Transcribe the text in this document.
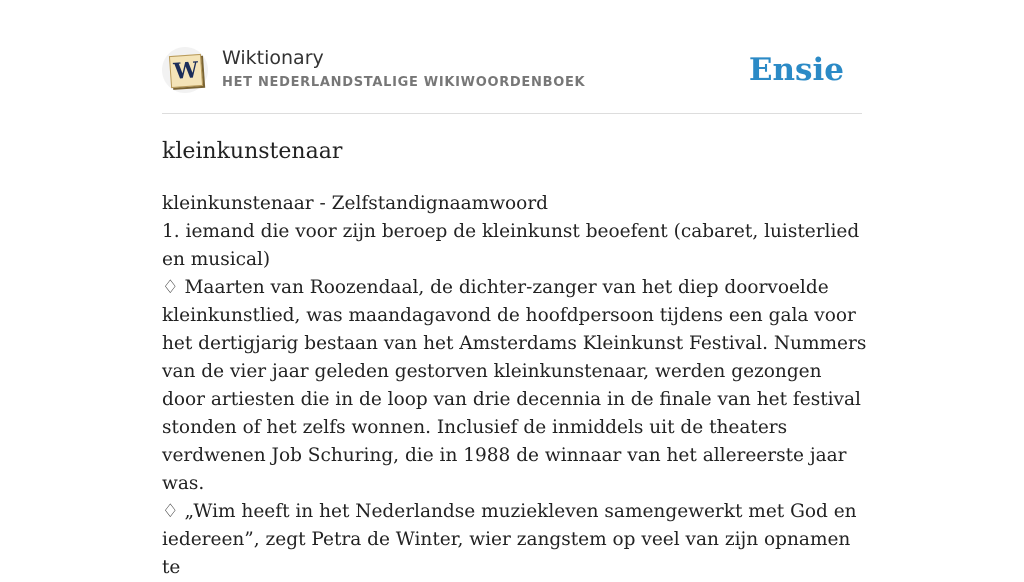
W Wiktionary
HET NEDERLANDSTALIGE WIKIWOORDENBOEK	Ensie
kleinkunstenaar

kleinkunstenaar - Zelfstandignaamwoord

1. iemand die voor zijn beroep de kleinkunst beoefent (cabaret, luisterlied en musical)

♢ Maarten van Roozendaal, de dichter-zanger van het diep doorvoelde kleinkunstlied, was maandagavond de hoofdpersoon tijdens een gala voor het dertigjarig bestaan van het Amsterdams Kleinkunst Festival. Nummers van de vier jaar geleden gestorven kleinkunstenaar, werden gezongen door artiesten die in de loop van drie decennia in de finale van het festival stonden of het zelfs wonnen. Inclusief de inmiddels uit de theaters verdwenen Job Schuring, die in 1988 de winnaar van het allereerste jaar was.

♢ „Wim heeft in het Nederlandse muziekleven samengewerkt met God en iedereen”, zegt Petra de Winter, wier zangstem op veel van zijn opnamen te
